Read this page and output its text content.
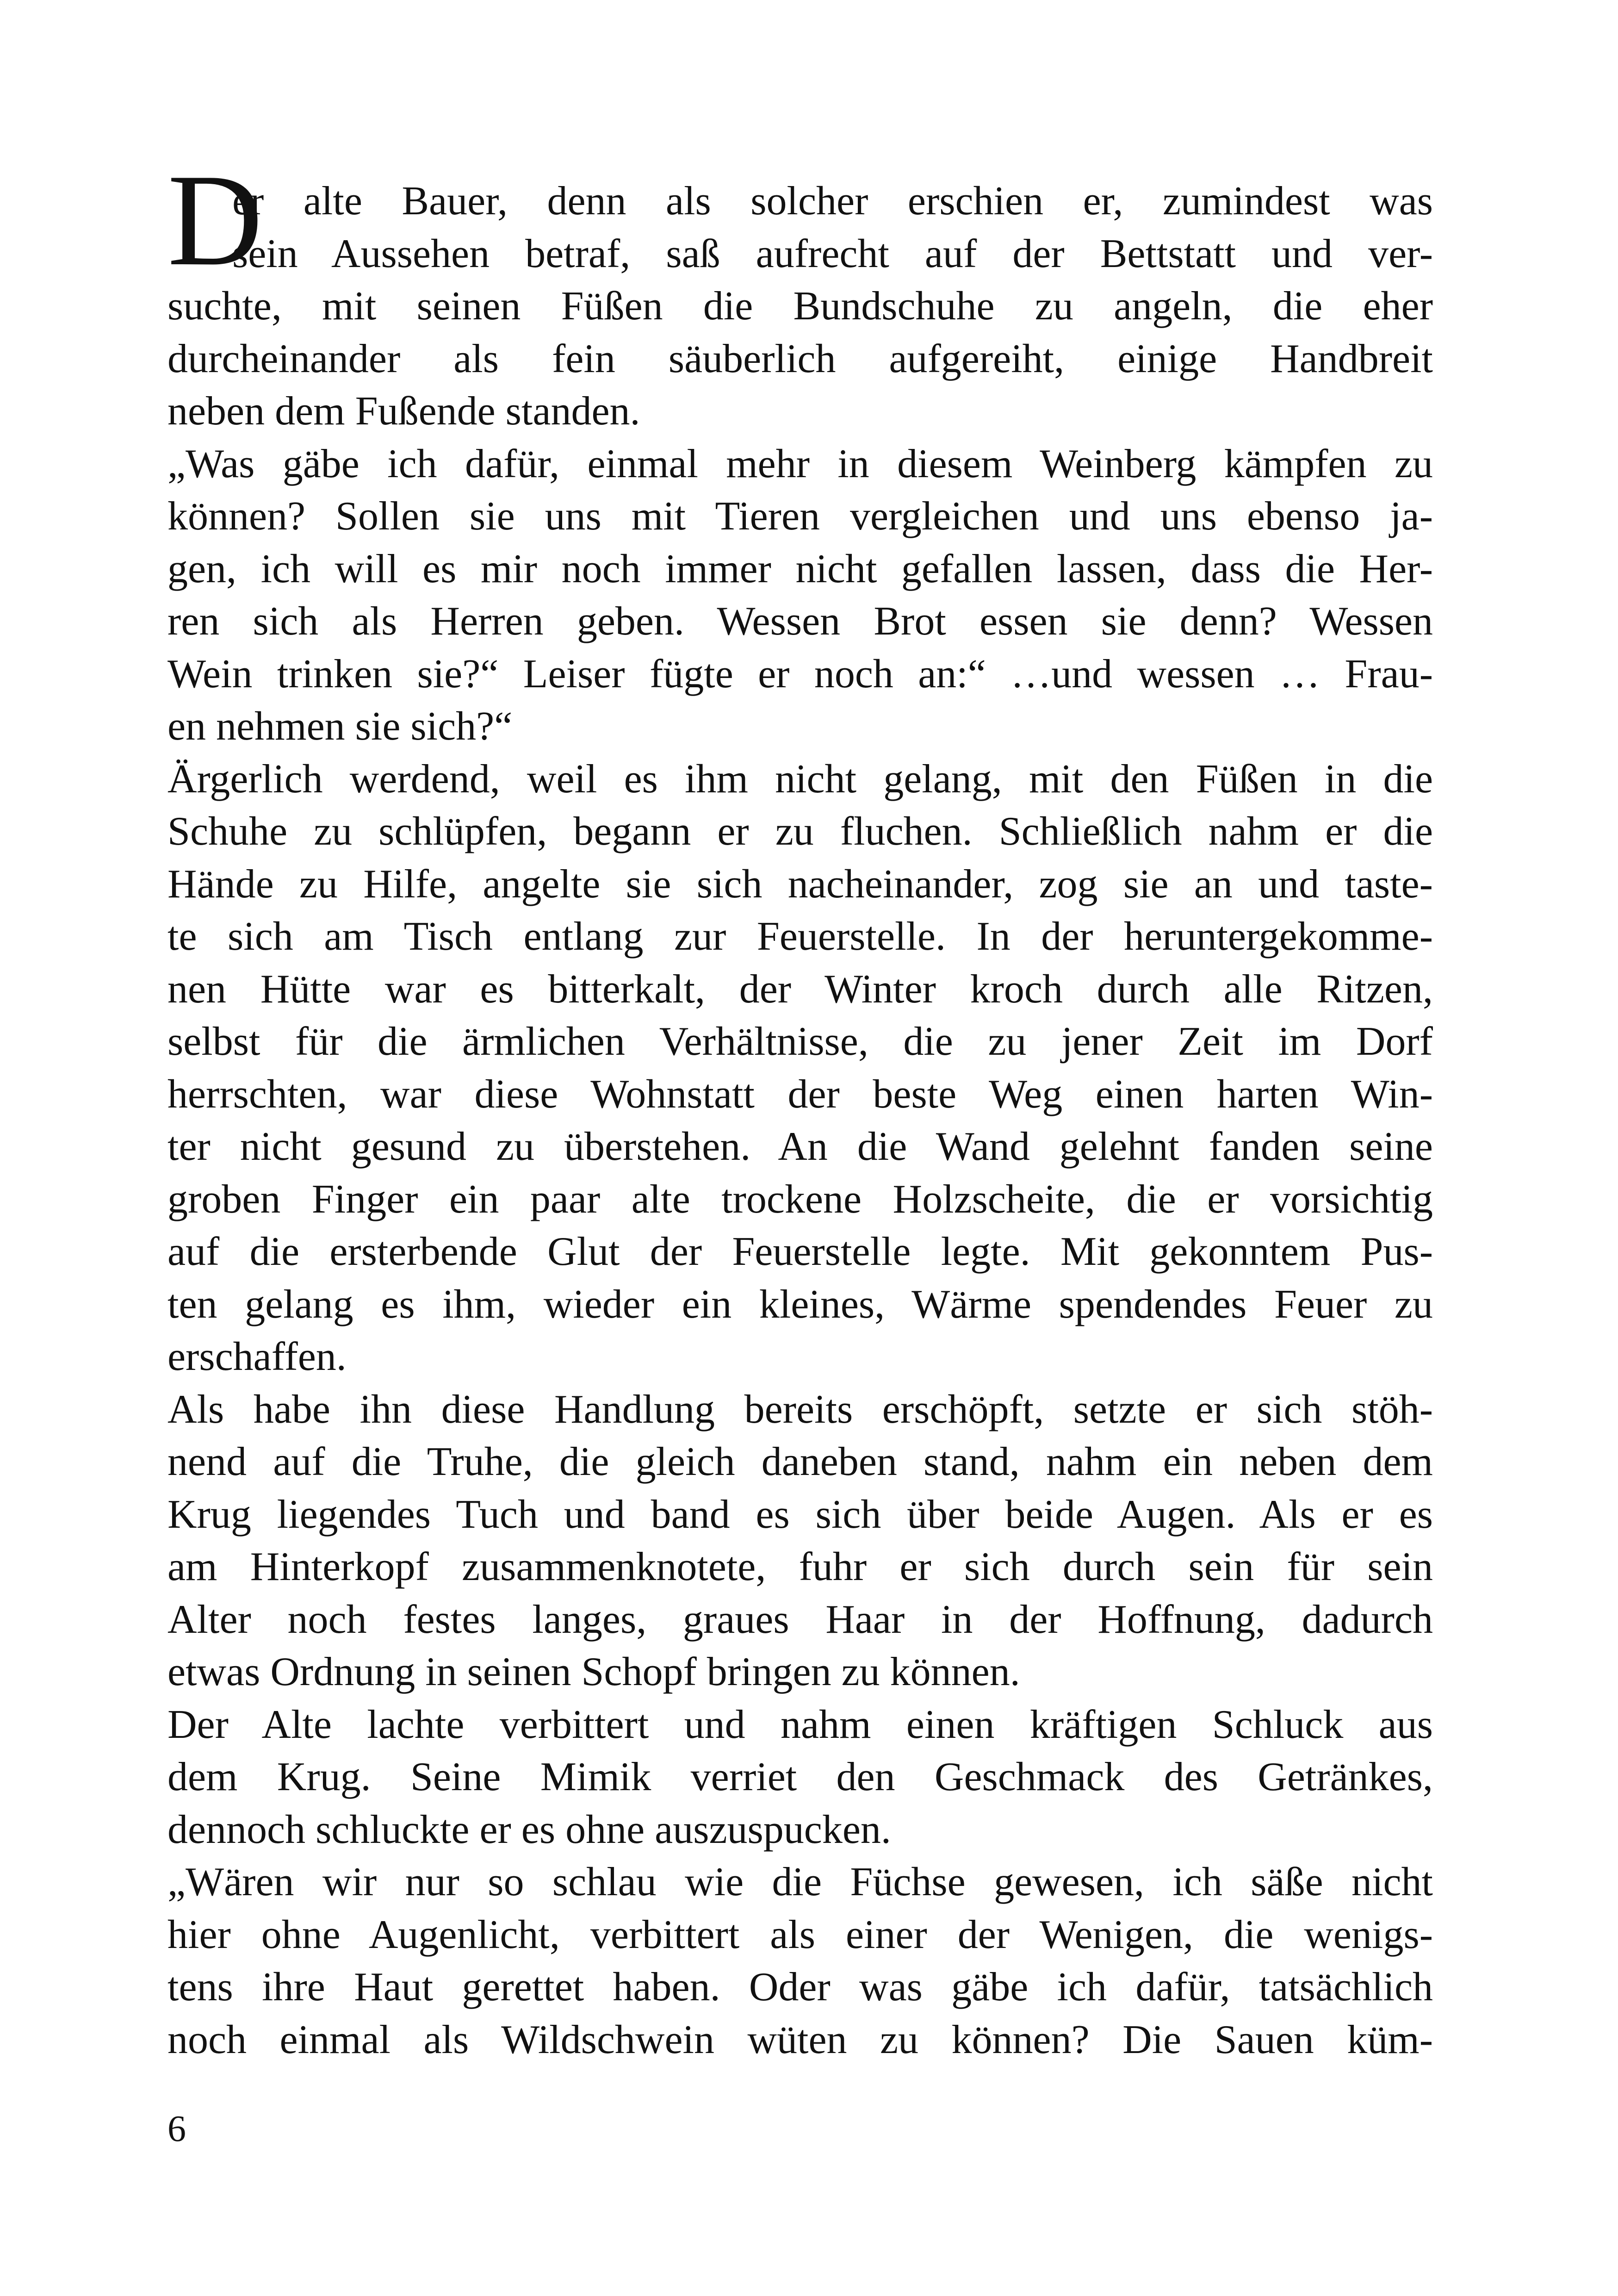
D
er alte Bauer, denn als solcher erschien er, zumindest was
sein Aussehen betraf, saß aufrecht auf der Bettstatt und ver-
suchte, mit seinen Füßen die Bundschuhe zu angeln, die eher
durcheinander als fein säuberlich aufgereiht, einige Handbreit
neben dem Fußende standen.
„Was gäbe ich dafür, einmal mehr in diesem Weinberg kämpfen zu
können? Sollen sie uns mit Tieren vergleichen und uns ebenso ja-
gen, ich will es mir noch immer nicht gefallen lassen, dass die Her-
ren sich als Herren geben. Wessen Brot essen sie denn? Wessen
Wein trinken sie?“ Leiser fügte er noch an:“ …und wessen … Frau-
en nehmen sie sich?“
Ärgerlich werdend, weil es ihm nicht gelang, mit den Füßen in die
Schuhe zu schlüpfen, begann er zu fluchen. Schließlich nahm er die
Hände zu Hilfe, angelte sie sich nacheinander, zog sie an und taste-
te sich am Tisch entlang zur Feuerstelle. In der heruntergekomme-
nen Hütte war es bitterkalt, der Winter kroch durch alle Ritzen,
selbst für die ärmlichen Verhältnisse, die zu jener Zeit im Dorf
herrschten, war diese Wohnstatt der beste Weg einen harten Win-
ter nicht gesund zu überstehen. An die Wand gelehnt fanden seine
groben Finger ein paar alte trockene Holzscheite, die er vorsichtig
auf die ersterbende Glut der Feuerstelle legte. Mit gekonntem Pus-
ten gelang es ihm, wieder ein kleines, Wärme spendendes Feuer zu
erschaffen.
Als habe ihn diese Handlung bereits erschöpft, setzte er sich stöh-
nend auf die Truhe, die gleich daneben stand, nahm ein neben dem
Krug liegendes Tuch und band es sich über beide Augen. Als er es
am Hinterkopf zusammenknotete, fuhr er sich durch sein für sein
Alter noch festes langes, graues Haar in der Hoffnung, dadurch
etwas Ordnung in seinen Schopf bringen zu können.
Der Alte lachte verbittert und nahm einen kräftigen Schluck aus
dem Krug. Seine Mimik verriet den Geschmack des Getränkes,
dennoch schluckte er es ohne auszuspucken.
„Wären wir nur so schlau wie die Füchse gewesen, ich säße nicht
hier ohne Augenlicht, verbittert als einer der Wenigen, die wenigs-
tens ihre Haut gerettet haben. Oder was gäbe ich dafür, tatsächlich
noch einmal als Wildschwein wüten zu können? Die Sauen küm-
6
